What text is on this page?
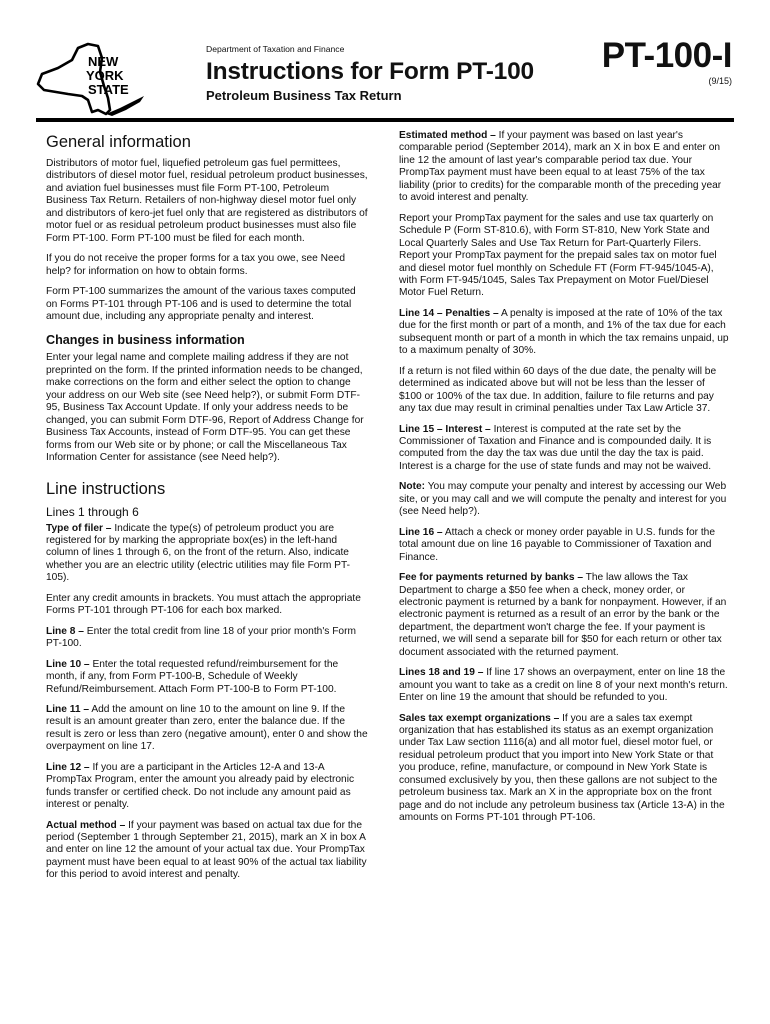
NEW
YORK
STATE
Department of Taxation and Finance
Instructions for Form PT-100
Petroleum Business Tax Return
PT-100-I
(9/15)
General information

Distributors of motor fuel, liquefied petroleum gas fuel permittees, distributors of diesel motor fuel, residual petroleum product businesses, and aviation fuel businesses must file Form PT-100, Petroleum Business Tax Return. Retailers of non-highway diesel motor fuel only and distributors of kero-jet fuel only that are registered as distributors of motor fuel or as residual petroleum product businesses must also file Form PT-100. Form PT-100 must be filed for each month.

If you do not receive the proper forms for a tax you owe, see Need help? for information on how to obtain forms.

Form PT-100 summarizes the amount of the various taxes computed on Forms PT-101 through PT-106 and is used to determine the total amount due, including any appropriate penalty and interest.

Changes in business information

Enter your legal name and complete mailing address if they are not preprinted on the form. If the printed information needs to be changed, make corrections on the form and either select the option to change your address on our Web site (see Need help?), or submit Form DTF-95, Business Tax Account Update. If only your address needs to be changed, you can submit Form DTF-96, Report of Address Change for Business Tax Accounts, instead of Form DTF-95. You can get these forms from our Web site or by phone; or call the Miscellaneous Tax Information Center for assistance (see Need help?).

Line instructions
Lines 1 through 6

Type of filer – Indicate the type(s) of petroleum product you are registered for by marking the appropriate box(es) in the left-hand column of lines 1 through 6, on the front of the return. Also, indicate whether you are an electric utility (electric utilities may file Form PT-105).

Enter any credit amounts in brackets. You must attach the appropriate Forms PT-101 through PT-106 for each box marked.

Line 8 – Enter the total credit from line 18 of your prior month's Form PT-100.

Line 10 – Enter the total requested refund/reimbursement for the month, if any, from Form PT-100-B, Schedule of Weekly Refund/Reimbursement. Attach Form PT-100-B to Form PT-100.

Line 11 – Add the amount on line 10 to the amount on line 9. If the result is an amount greater than zero, enter the balance due. If the result is zero or less than zero (negative amount), enter 0 and show the overpayment on line 17.

Line 12 – If you are a participant in the Articles 12-A and 13-A PrompTax Program, enter the amount you already paid by electronic funds transfer or certified check. Do not include any amount paid as interest or penalty.

Actual method – If your payment was based on actual tax due for the period (September 1 through September 21, 2015), mark an X in box A and enter on line 12 the amount of your actual tax due. Your PrompTax payment must have been equal to at least 90% of the actual tax liability for this period to avoid interest and penalty.

Estimated method – If your payment was based on last year's comparable period (September 2014), mark an X in box E and enter on line 12 the amount of last year's comparable period tax due. Your PrompTax payment must have been equal to at least 75% of the tax liability (prior to credits) for the comparable month of the preceding year to avoid interest and penalty.

Report your PrompTax payment for the sales and use tax quarterly on Schedule P (Form ST-810.6), with Form ST-810, New York State and Local Quarterly Sales and Use Tax Return for Part-Quarterly Filers. Report your PrompTax payment for the prepaid sales tax on motor fuel and diesel motor fuel monthly on Schedule FT (Form FT-945/1045-A), with Form FT-945/1045, Sales Tax Prepayment on Motor Fuel/Diesel Motor Fuel Return.

Line 14 – Penalties – A penalty is imposed at the rate of 10% of the tax due for the first month or part of a month, and 1% of the tax due for each subsequent month or part of a month in which the tax remains unpaid, up to a maximum penalty of 30%.

If a return is not filed within 60 days of the due date, the penalty will be determined as indicated above but will not be less than the lesser of $100 or 100% of the tax due. In addition, failure to file returns and pay any tax due may result in criminal penalties under Tax Law Article 37.

Line 15 – Interest – Interest is computed at the rate set by the Commissioner of Taxation and Finance and is compounded daily. It is computed from the day the tax was due until the day the tax is paid. Interest is a charge for the use of state funds and may not be waived.

Note: You may compute your penalty and interest by accessing our Web site, or you may call and we will compute the penalty and interest for you (see Need help?).

Line 16 – Attach a check or money order payable in U.S. funds for the total amount due on line 16 payable to Commissioner of Taxation and Finance.

Fee for payments returned by banks – The law allows the Tax Department to charge a $50 fee when a check, money order, or electronic payment is returned by a bank for nonpayment. However, if an electronic payment is returned as a result of an error by the bank or the department, the department won't charge the fee. If your payment is returned, we will send a separate bill for $50 for each return or other tax document associated with the returned payment.

Lines 18 and 19 – If line 17 shows an overpayment, enter on line 18 the amount you want to take as a credit on line 8 of your next month's return. Enter on line 19 the amount that should be refunded to you.

Sales tax exempt organizations – If you are a sales tax exempt organization that has established its status as an exempt organization under Tax Law section 1116(a) and all motor fuel, diesel motor fuel, or residual petroleum product that you import into New York State or that you produce, refine, manufacture, or compound in New York State is consumed exclusively by you, then these gallons are not subject to the petroleum business tax. Mark an X in the appropriate box on the front page and do not include any petroleum business tax (Article 13-A) in the amounts on Forms PT-101 through PT-106.
